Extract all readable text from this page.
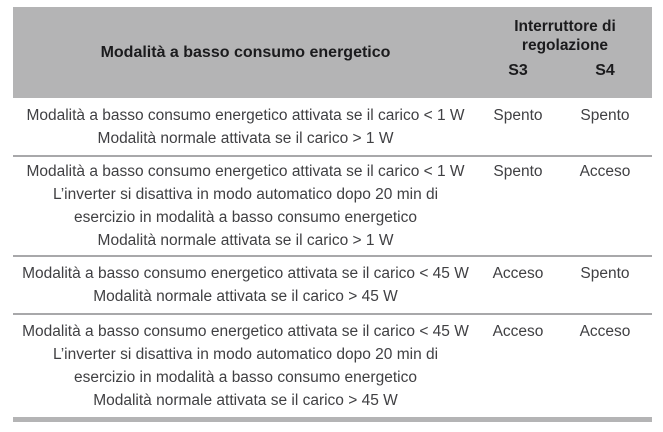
Modalità a basso consumo energetico	Interruttore di regolazione	
	S3	S4

Modalità a basso consumo energetico attivata se il carico < 1 W
Modalità normale attivata se il carico > 1 W	Spento	Spento

Modalità a basso consumo energetico attivata se il carico < 1 W
L’inverter si disattiva in modo automatico dopo 20 min di
esercizio in modalità a basso consumo energetico
Modalità normale attivata se il carico > 1 W	Spento	Acceso

Modalità a basso consumo energetico attivata se il carico < 45 W
Modalità normale attivata se il carico > 45 W	Acceso	Spento

Modalità a basso consumo energetico attivata se il carico < 45 W
L’inverter si disattiva in modo automatico dopo 20 min di
esercizio in modalità a basso consumo energetico
Modalità normale attivata se il carico > 45 W	Acceso	Acceso
